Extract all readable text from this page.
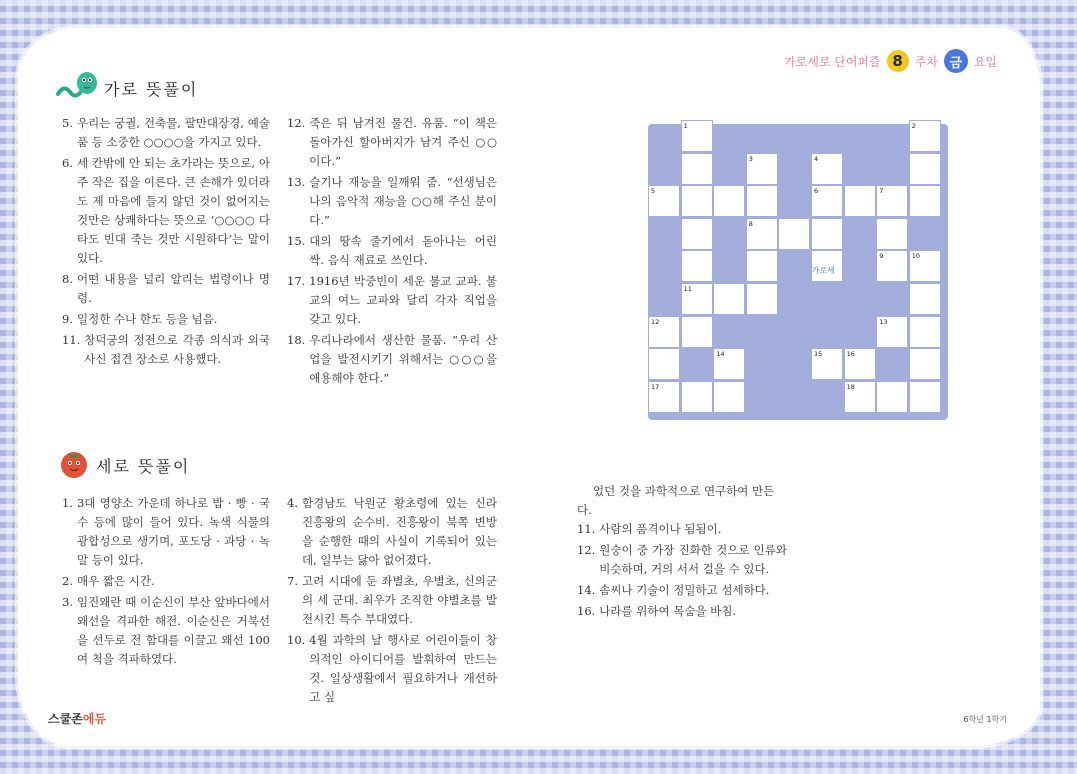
가로세로 단어퍼즐 8 주차 금 요일
가로 뜻풀이
5. 우리는 궁궐, 건축물, 팔만대장경, 예술품 등 소중한 ○○○○을 가지고 있다.
6. 세 칸밖에 안 되는 초가라는 뜻으로, 아주 작은 집을 이른다. 큰 손해가 있더라도 제 마음에 들지 않던 것이 없어지는 것만은 상쾌하다는 뜻으로 ‘○○○○ 다 타도 빈대 죽는 것만 시원하다’는 말이 있다.
8. 어떤 내용을 널리 알리는 법령이나 명령.
9. 일정한 수나 한도 등을 넘음.
11. 창덕궁의 정전으로 각종 의식과 외국 사신 접견 장소로 사용했다.
12. 죽은 뒤 남겨진 물건. 유품. “이 책은 돌아가신 할아버지가 남겨 주신 ○○이다.”
13. 슬기나 재능을 일깨워 줌. “선생님은 나의 음악적 재능을 ○○해 주신 분이다.”
15. 대의 땅속 줄기에서 돋아나는 어린 싹. 음식 재료로 쓰인다.
17. 1916년 박중빈이 세운 불교 교파. 불교의 여느 교파와 달리 각자 직업을 갖고 있다.
18. 우리나라에서 생산한 물품. “우리 산업을 발전시키기 위해서는 ○○○을 애용해야 한다.”
1	2
3	4
5	6	7
8
9	10
11
12	13
14	15	16
17	18
가로세
세로 뜻풀이
1. 3대 영양소 가운데 하나로 밥 · 빵 · 국수 등에 많이 들어 있다. 녹색 식물의 광합성으로 생기며, 포도당 · 과당 · 녹말 등이 있다.
2. 매우 짧은 시간.
3. 임진왜란 때 이순신이 부산 앞바다에서 왜선을 격파한 해전. 이순신은 거북선을 선두로 전 함대를 이끌고 왜선 100여 척을 격파하였다.
4. 함경남도 낙원군 황초령에 있는 신라 진흥왕의 순수비. 진흥왕이 북쪽 변방을 순행한 때의 사실이 기록되어 있는데, 일부는 닳아 없어졌다.
7. 고려 시대에 둔 좌별초, 우별초, 신의군의 세 군대. 최우가 조직한 야별초를 발전시킨 특수 부대였다.
10. 4월 과학의 날 행사로 어린이들이 창의적인 아이디어를 발휘하여 만드는 것. 일상생활에서 필요하거나 개선하고 싶
었던 것을 과학적으로 연구하여 만든다.
11. 사람의 품격이나 됨됨이.
12. 원숭이 중 가장 진화한 것으로 인류와 비슷하며, 거의 서서 걸을 수 있다.
14. 솜씨나 기술이 정밀하고 섬세하다.
16. 나라를 위하여 목숨을 바침.
스쿨존에듀	6학년 1학기
